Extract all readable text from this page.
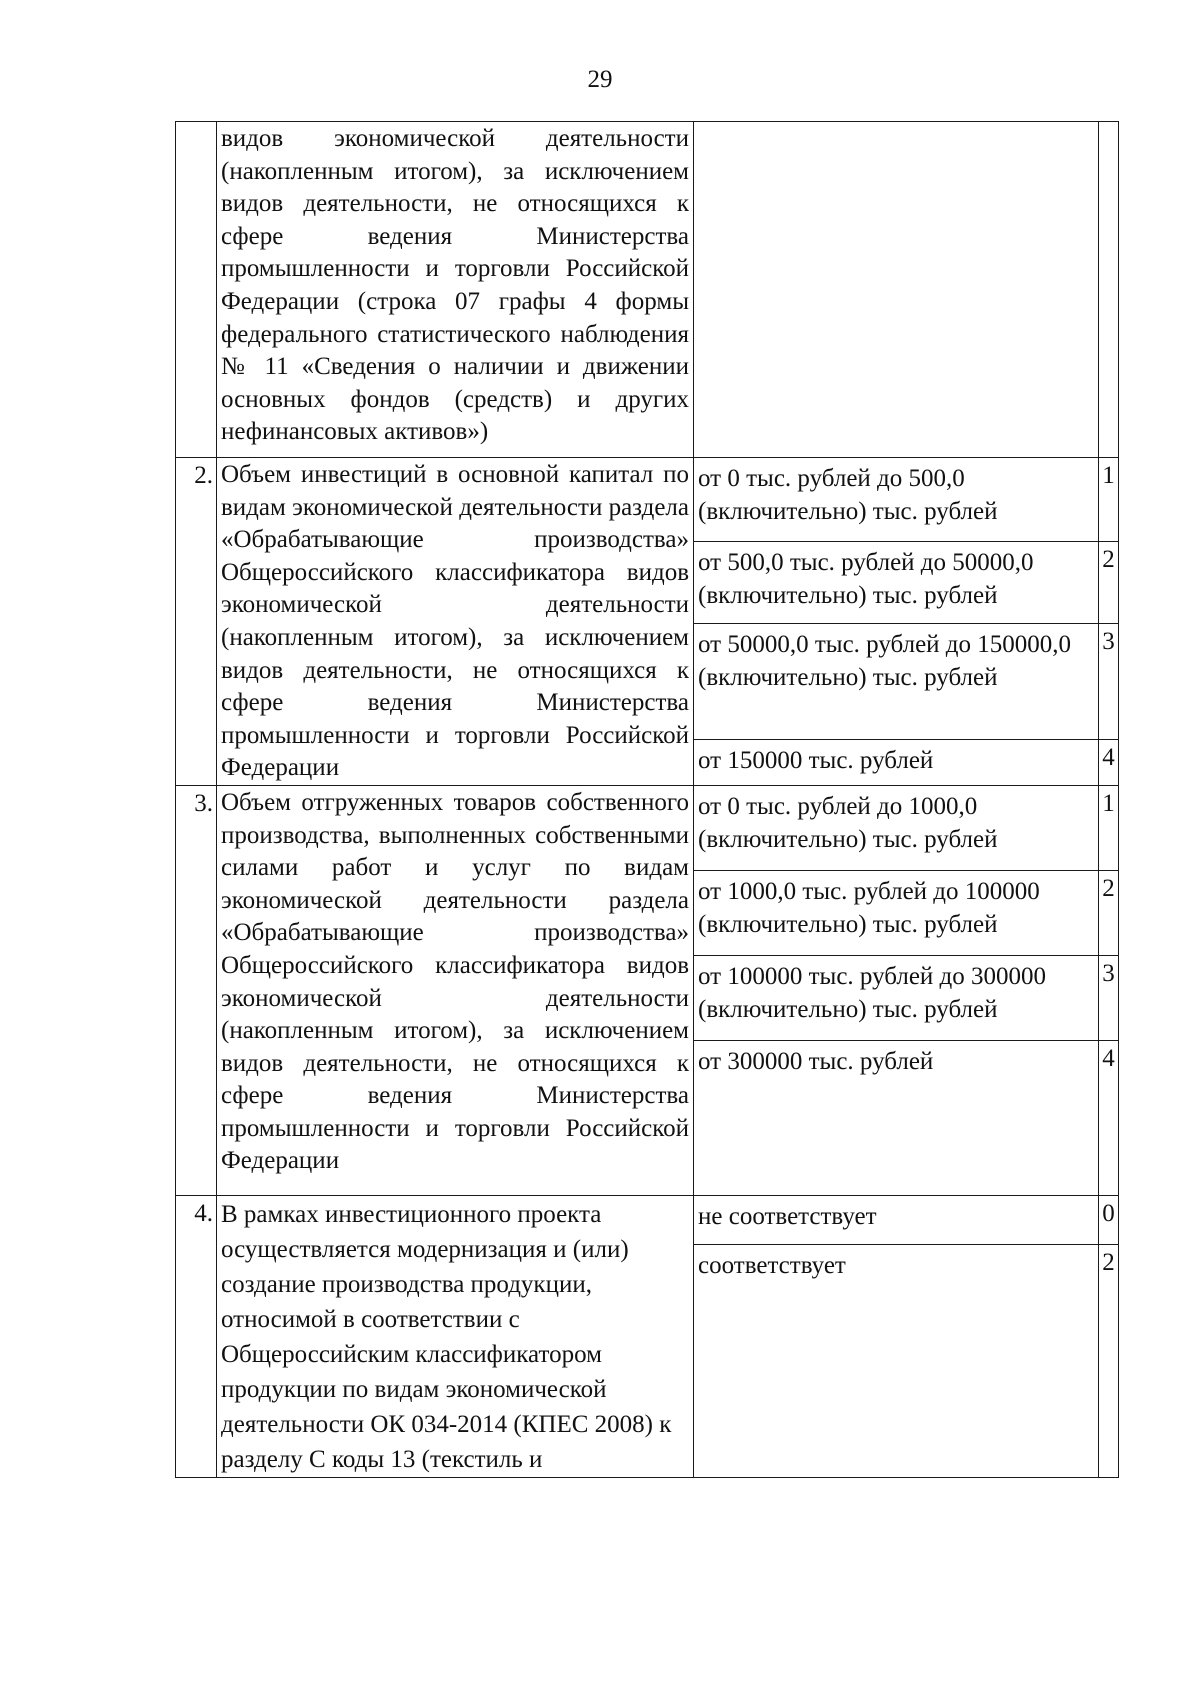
29
	видов экономической деятельности (накопленным итогом), за исключением видов деятельности, не относящихся к сфере ведения Министерства промышленности и торговли Российской Федерации (строка 07 графы 4 формы федерального статистического наблюдения № 11 «Сведения о наличии и движении основных фондов (средств) и других нефинансовых активов»)		
2.	Объем инвестиций в основной капитал по видам экономической деятельности раздела «Обрабатывающие производства» Общероссийского классификатора видов экономической деятельности (накопленным итогом), за исключением видов деятельности, не относящихся к сфере ведения Министерства промышленности и торговли Российской Федерации	от 0 тыс. рублей до 500,0 (включительно) тыс. рублей	1
		от 500,0 тыс. рублей до 50000,0 (включительно) тыс. рублей	2
		от 50000,0 тыс. рублей до 150000,0 (включительно) тыс. рублей	3
		от 150000 тыс. рублей	4
3.	Объем отгруженных товаров собственного производства, выполненных собственными силами работ и услуг по видам экономической деятельности раздела «Обрабатывающие производства» Общероссийского классификатора видов экономической деятельности (накопленным итогом), за исключением видов деятельности, не относящихся к сфере ведения Министерства промышленности и торговли Российской Федерации	от 0 тыс. рублей до 1000,0 (включительно) тыс. рублей	1
		от 1000,0 тыс. рублей до 100000 (включительно) тыс. рублей	2
		от 100000 тыс. рублей до 300000 (включительно) тыс. рублей	3
		от 300000 тыс. рублей	4
4.	В рамках инвестиционного проекта осуществляется модернизация и (или) создание производства продукции, относимой в соответствии с Общероссийским классификатором продукции по видам экономической деятельности ОК 034-2014 (КПЕС 2008) к разделу С коды 13 (текстиль и	не соответствует	0
		соответствует	2
